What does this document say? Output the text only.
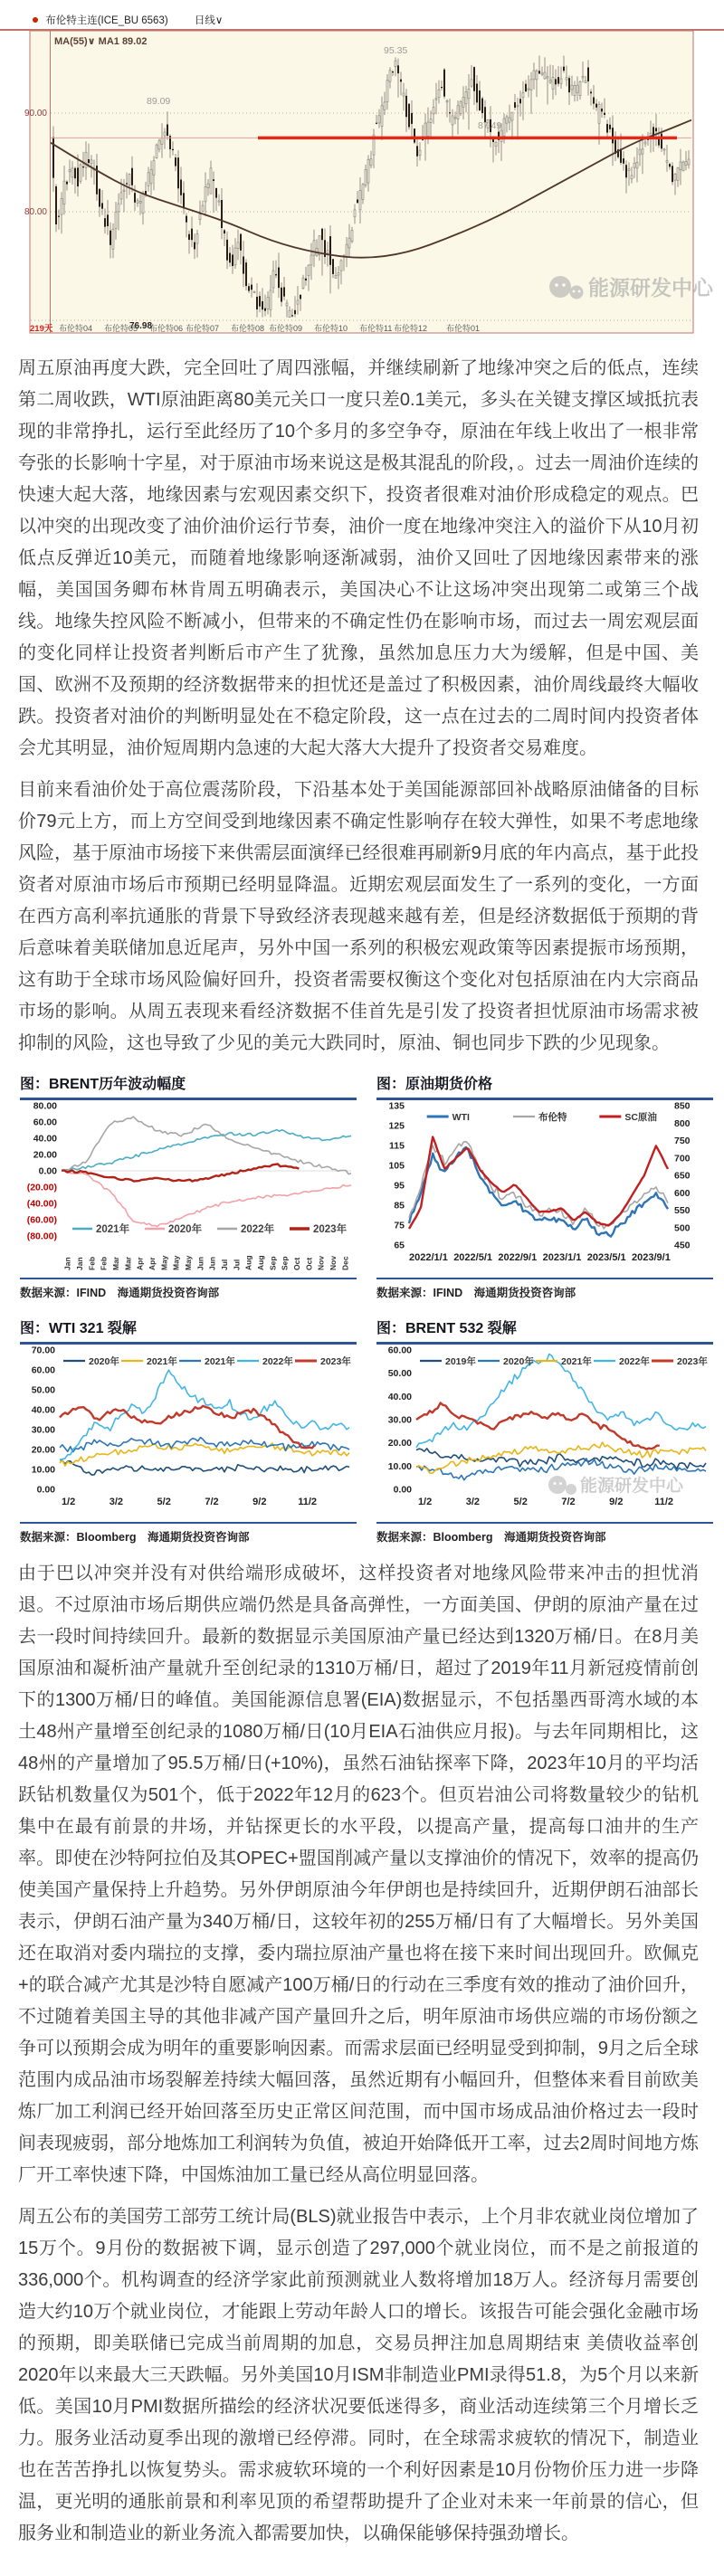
布伦特主连(ICE_BU 6563)	日线∨
90.00
80.00
95.35
89.09
87.49
76.98
219天 布伦特04 布伦特05 布伦特06 布伦特07 布伦特08 布伦特09 布伦特10 布伦特11 布伦特12 布伦特01
能源研发中心
MA(55)∨ MA1 89.02

周五原油再度大跌，完全回吐了周四涨幅，并继续刷新了地缘冲突之后的低点，连续第二周收跌，WTI原油距离80美元关口一度只差0.1美元，多头在关键支撑区域抵抗表现的非常挣扎，运行至此经历了10个多月的多空争夺，原油在年线上收出了一根非常夸张的长影响十字星，对于原油市场来说这是极其混乱的阶段，。过去一周油价连续的快速大起大落，地缘因素与宏观因素交织下，投资者很难对油价形成稳定的观点。巴以冲突的出现改变了油价油价运行节奏，油价一度在地缘冲突注入的溢价下从10月初低点反弹近10美元，而随着地缘影响逐渐减弱，油价又回吐了因地缘因素带来的涨幅，美国国务卿布林肯周五明确表示，美国决心不让这场冲突出现第二或第三个战线。地缘失控风险不断减小，但带来的不确定性仍在影响市场，而过去一周宏观层面的变化同样让投资者判断后市产生了犹豫，虽然加息压力大为缓解，但是中国、美国、欧洲不及预期的经济数据带来的担忧还是盖过了积极因素，油价周线最终大幅收跌。投资者对油价的判断明显处在不稳定阶段，这一点在过去的二周时间内投资者体会尤其明显，油价短周期内急速的大起大落大大提升了投资者交易难度。

目前来看油价处于高位震荡阶段，下沿基本处于美国能源部回补战略原油储备的目标价79元上方，而上方空间受到地缘因素不确定性影响存在较大弹性，如果不考虑地缘风险，基于原油市场接下来供需层面演绎已经很难再刷新9月底的年内高点，基于此投资者对原油市场后市预期已经明显降温。近期宏观层面发生了一系列的变化，一方面在西方高利率抗通胀的背景下导致经济表现越来越有差，但是经济数据低于预期的背后意味着美联储加息近尾声，另外中国一系列的积极宏观政策等因素提振市场预期，这有助于全球市场风险偏好回升，投资者需要权衡这个变化对包括原油在内大宗商品市场的影响。从周五表现来看经济数据不佳首先是引发了投资者担忧原油市场需求被抑制的风险，这也导致了少见的美元大跌同时，原油、铜也同步下跌的少见现象。

图：BRENT历年波动幅度
80.00
60.00
40.00
20.00
0.00
(20.00)
(40.00)
(60.00)
(80.00)
Jan Jan Feb Feb Mar Mar Apr Apr May May May Jun Jun Jul Jul Aug Aug Sep Sep Oct Oct Nov Nov Dec
2021年	2020年	2022年	2023年
数据来源：IFIND　海通期货投资咨询部
图：原油期货价格
135
125
115
105
95
85
75
65
850
800
750
700
650
600
550
500
450
2022/1/1 2022/5/1 2022/9/1 2023/1/1 2023/5/1 2023/9/1
WTI	布伦特	SC原油
数据来源：IFIND　海通期货投资咨询部
图：WTI 321 裂解
70.00
60.00
50.00
40.00
30.00
20.00
10.00
0.00
1/2	3/2	5/2	7/2	9/2	11/2
2020年	2021年	2021年	2022年	2023年
数据来源：Bloomberg　海通期货投资咨询部
图：BRENT 532 裂解
60.00
50.00
40.00
30.00
20.00
10.00
0.00
1/2	3/2	5/2	7/2	9/2	11/2
2019年	2020年	2021年	2022年	2023年
能源研发中心
数据来源：Bloomberg　海通期货投资咨询部

由于巴以冲突并没有对供给端形成破坏，这样投资者对地缘风险带来冲击的担忧消退。不过原油市场后期供应端仍然是具备高弹性，一方面美国、伊朗的原油产量在过去一段时间持续回升。最新的数据显示美国原油产量已经达到1320万桶/日。在8月美国原油和凝析油产量就升至创纪录的1310万桶/日，超过了2019年11月新冠疫情前创下的1300万桶/日的峰值。美国能源信息署(EIA)数据显示，不包括墨西哥湾水域的本土48州产量增至创纪录的1080万桶/日(10月EIA石油供应月报)。与去年同期相比，这48州的产量增加了95.5万桶/日(+10%)，虽然石油钻探率下降，2023年10月的平均活跃钻机数量仅为501个，低于2022年12月的623个。但页岩油公司将数量较少的钻机集中在最有前景的井场，并钻探更长的水平段，以提高产量，提高每口油井的生产率。即使在沙特阿拉伯及其OPEC+盟国削减产量以支撑油价的情况下，效率的提高仍使美国产量保持上升趋势。另外伊朗原油今年伊朗也是持续回升，近期伊朗石油部长表示，伊朗石油产量为340万桶/日，这较年初的255万桶/日有了大幅增长。另外美国还在取消对委内瑞拉的支撑，委内瑞拉原油产量也将在接下来时间出现回升。欧佩克+的联合减产尤其是沙特自愿减产100万桶/日的行动在三季度有效的推动了油价回升，不过随着美国主导的其他非减产国产量回升之后，明年原油市场供应端的市场份额之争可以预期会成为明年的重要影响因素。而需求层面已经明显受到抑制，9月之后全球范围内成品油市场裂解差持续大幅回落，虽然近期有小幅回升，但整体来看目前欧美炼厂加工利润已经开始回落至历史正常区间范围，而中国市场成品油价格过去一段时间表现疲弱，部分地炼加工利润转为负值，被迫开始降低开工率，过去2周时间地方炼厂开工率快速下降，中国炼油加工量已经从高位明显回落。

周五公布的美国劳工部劳工统计局(BLS)就业报告中表示，上个月非农就业岗位增加了15万个。9月份的数据被下调，显示创造了297,000个就业岗位，而不是之前报道的336,000个。机构调查的经济学家此前预测就业人数将增加18万人。经济每月需要创造大约10万个就业岗位，才能跟上劳动年龄人口的增长。该报告可能会强化金融市场的预期，即美联储已完成当前周期的加息，交易员押注加息周期结束 美债收益率创2020年以来最大三天跌幅。另外美国10月ISM非制造业PMI录得51.8，为5个月以来新低。美国10月PMI数据所描绘的经济状况要低迷得多，商业活动连续第三个月增长乏力。服务业活动夏季出现的激增已经停滞。同时，在全球需求疲软的情况下，制造业也在苦苦挣扎以恢复势头。需求疲软环境的一个利好因素是10月份物价压力进一步降温，更光明的通胀前景和利率见顶的希望帮助提升了企业对未来一年前景的信心，但服务业和制造业的新业务流入都需要加快，以确保能够保持强劲增长。
